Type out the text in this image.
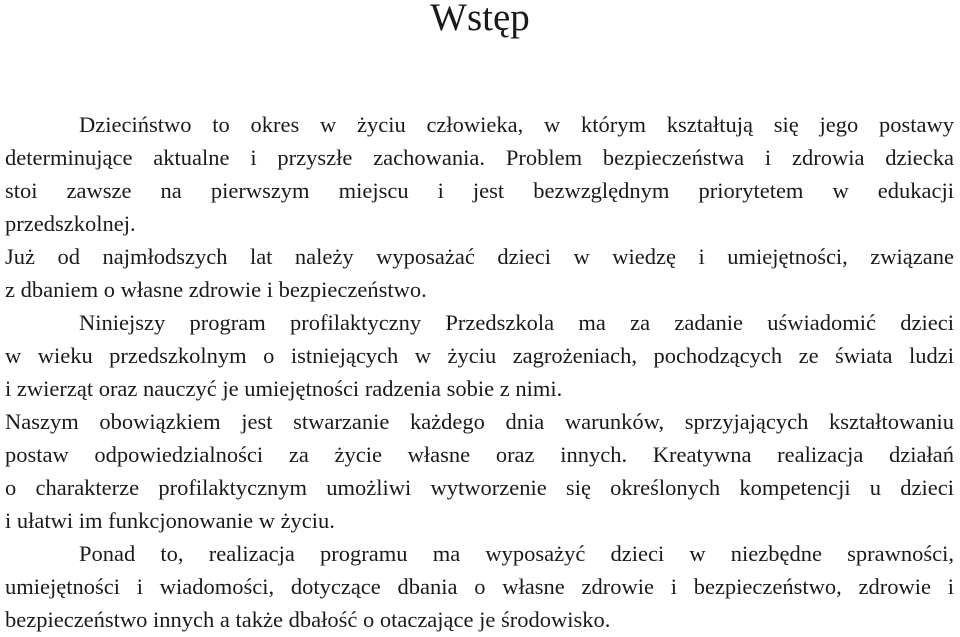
Wstęp
Dzieciństwo to okres w życiu człowieka, w którym kształtują się jego postawy
determinujące aktualne i przyszłe zachowania. Problem bezpieczeństwa i zdrowia dziecka
stoi zawsze na pierwszym miejscu i jest bezwzględnym priorytetem w edukacji
przedszkolnej.
Już od najmłodszych lat należy wyposażać dzieci w wiedzę i umiejętności, związane
z dbaniem o własne zdrowie i bezpieczeństwo.
Niniejszy program profilaktyczny Przedszkola ma za zadanie uświadomić dzieci
w wieku przedszkolnym o istniejących w życiu zagrożeniach, pochodzących ze świata ludzi
i zwierząt oraz nauczyć je umiejętności radzenia sobie z nimi.
Naszym obowiązkiem jest stwarzanie każdego dnia warunków, sprzyjających kształtowaniu
postaw odpowiedzialności za życie własne oraz innych. Kreatywna realizacja działań
o charakterze profilaktycznym umożliwi wytworzenie się określonych kompetencji u dzieci
i ułatwi im funkcjonowanie w życiu.
Ponad to, realizacja programu ma wyposażyć dzieci w niezbędne sprawności,
umiejętności i wiadomości, dotyczące dbania o własne zdrowie i bezpieczeństwo, zdrowie i
bezpieczeństwo innych a także dbałość o otaczające je środowisko.
